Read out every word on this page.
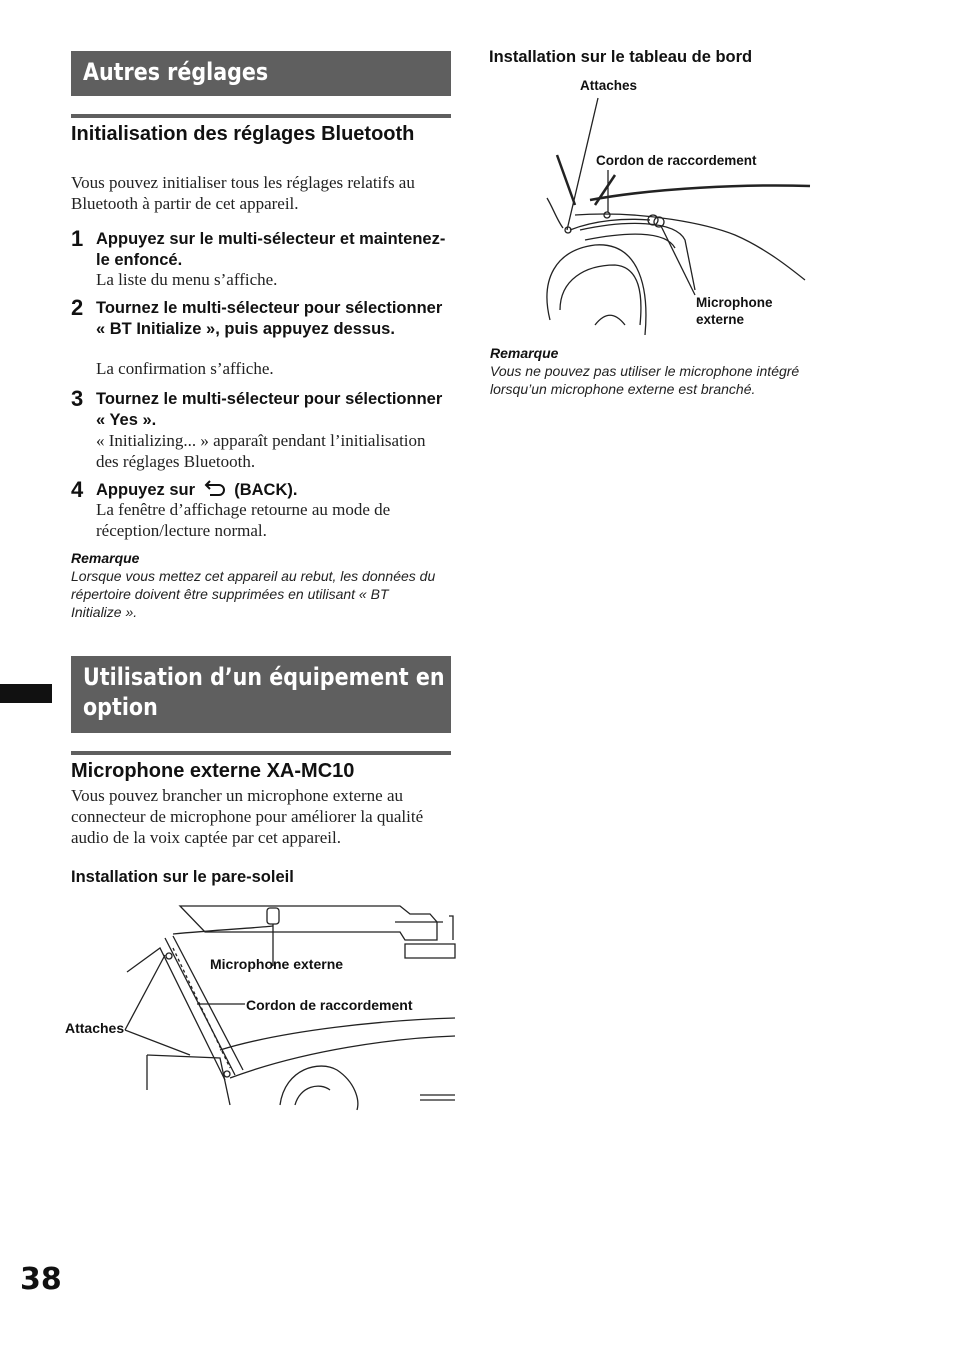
Autres réglages
Initialisation des réglages Bluetooth
Vous pouvez initialiser tous les réglages relatifs au Bluetooth à partir de cet appareil.
1 Appuyez sur le multi-sélecteur et maintenez-le enfoncé.
La liste du menu s’affiche.
2 Tournez le multi-sélecteur pour sélectionner « BT Initialize », puis appuyez dessus.
La confirmation s’affiche.
3 Tournez le multi-sélecteur pour sélectionner « Yes ».
« Initializing... » apparaît pendant l’initialisation des réglages Bluetooth.
4 Appuyez sur (BACK).
La fenêtre d’affichage retourne au mode de réception/lecture normal.
Remarque
Lorsque vous mettez cet appareil au rebut, les données du répertoire doivent être supprimées en utilisant « BT Initialize ».
Utilisation d’un équipement en
option
Microphone externe XA-MC10
Vous pouvez brancher un microphone externe au connecteur de microphone pour améliorer la qualité audio de la voix captée par cet appareil.
Installation sur le pare-soleil
Microphone externe
Cordon de raccordement
Attaches
Installation sur le tableau de bord
Attaches
Cordon de raccordement
Microphone
externe
Remarque
Vous ne pouvez pas utiliser le microphone intégré lorsqu’un microphone externe est branché.
38
